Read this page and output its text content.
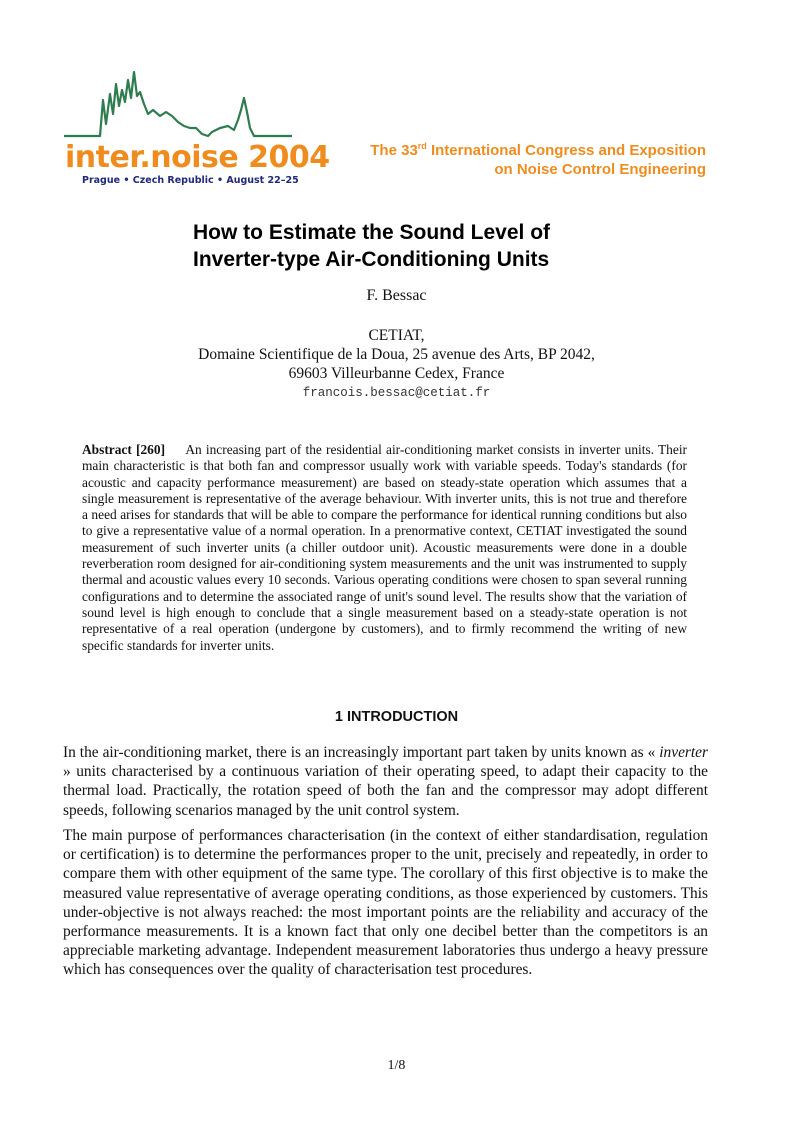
inter.noise 2004
Prague • Czech Republic • August 22–25
The 33rd International Congress and Exposition
on Noise Control Engineering
How to Estimate the Sound Level of
Inverter-type Air-Conditioning Units
F. Bessac
CETIAT,
Domaine Scientifique de la Doua, 25 avenue des Arts, BP 2042,
69603 Villeurbanne Cedex, France
francois.bessac@cetiat.fr

Abstract [260] An increasing part of the residential air-conditioning market consists in inverter units. Their main characteristic is that both fan and compressor usually work with variable speeds. Today's standards (for acoustic and capacity performance measurement) are based on steady-state operation which assumes that a single measurement is representative of the average behaviour. With inverter units, this is not true and therefore a need arises for standards that will be able to compare the performance for identical running conditions but also to give a representative value of a normal operation. In a prenormative context, CETIAT investigated the sound measurement of such inverter units (a chiller outdoor unit). Acoustic measurements were done in a double reverberation room designed for air-conditioning system measurements and the unit was instrumented to supply thermal and acoustic values every 10 seconds. Various operating conditions were chosen to span several running configurations and to determine the associated range of unit's sound level. The results show that the variation of sound level is high enough to conclude that a single measurement based on a steady-state operation is not representative of a real operation (undergone by customers), and to firmly recommend the writing of new specific standards for inverter units.

1 INTRODUCTION

In the air-conditioning market, there is an increasingly important part taken by units known as « inverter » units characterised by a continuous variation of their operating speed, to adapt their capacity to the thermal load. Practically, the rotation speed of both the fan and the compressor may adopt different speeds, following scenarios managed by the unit control system.

The main purpose of performances characterisation (in the context of either standardisation, regulation or certification) is to determine the performances proper to the unit, precisely and repeatedly, in order to compare them with other equipment of the same type. The corollary of this first objective is to make the measured value representative of average operating conditions, as those experienced by customers. This under-objective is not always reached: the most important points are the reliability and accuracy of the performance measurements. It is a known fact that only one decibel better than the competitors is an appreciable marketing advantage. Independent measurement laboratories thus undergo a heavy pressure which has consequences over the quality of characterisation test procedures.

1/8
